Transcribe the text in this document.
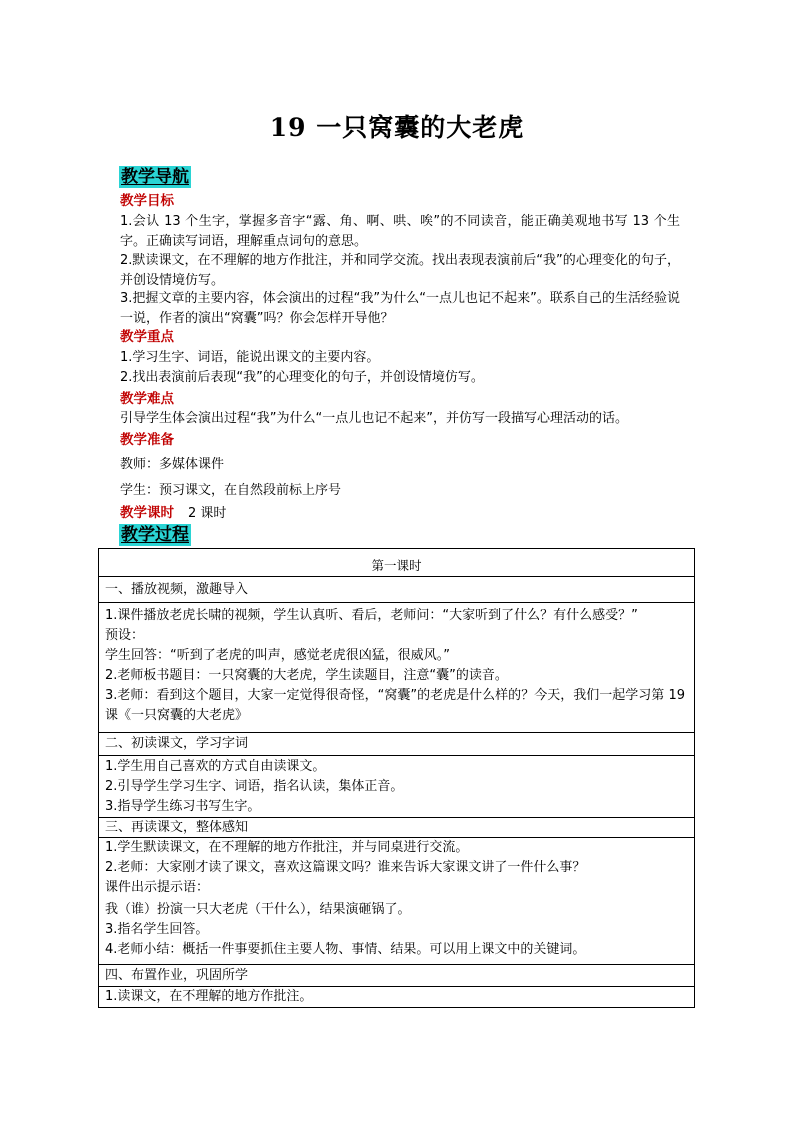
19 一只窝囊的大老虎
教学导航
教学目标
1.会认 13 个生字，掌握多音字“露、角、啊、哄、唉”的不同读音，能正确美观地书写 13 个生字。正确读写词语，理解重点词句的意思。
2.默读课文，在不理解的地方作批注，并和同学交流。找出表现表演前后“我”的心理变化的句子，并创设情境仿写。
3.把握文章的主要内容，体会演出的过程“我”为什么“一点儿也记不起来”。联系自己的生活经验说一说，作者的演出“窝囊”吗？你会怎样开导他？
教学重点
1.学习生字、词语，能说出课文的主要内容。
2.找出表演前后表现“我”的心理变化的句子，并创设情境仿写。
教学难点
引导学生体会演出过程“我”为什么“一点儿也记不起来”，并仿写一段描写心理活动的话。
教学准备
教师：多媒体课件
学生：预习课文，在自然段前标上序号
教学课时 2 课时
教学过程
第一课时
一、播放视频，激趣导入
1.课件播放老虎长啸的视频，学生认真听、看后，老师问：“大家听到了什么？有什么感受？”
预设：
学生回答：“听到了老虎的叫声，感觉老虎很凶猛，很威风。”
2.老师板书题目：一只窝囊的大老虎，学生读题目，注意“囊”的读音。
3.老师：看到这个题目，大家一定觉得很奇怪，“窝囊”的老虎是什么样的？今天，我们一起学习第 19 课《一只窝囊的大老虎》
二、初读课文，学习字词
1.学生用自己喜欢的方式自由读课文。
2.引导学生学习生字、词语，指名认读，集体正音。
3.指导学生练习书写生字。
三、再读课文，整体感知
1.学生默读课文，在不理解的地方作批注，并与同桌进行交流。
2.老师：大家刚才读了课文，喜欢这篇课文吗？谁来告诉大家课文讲了一件什么事？
课件出示提示语：
我（谁）扮演一只大老虎（干什么），结果演砸锅了。
3.指名学生回答。
4.老师小结：概括一件事要抓住主要人物、事情、结果。可以用上课文中的关键词。
四、布置作业，巩固所学
1.读课文，在不理解的地方作批注。
